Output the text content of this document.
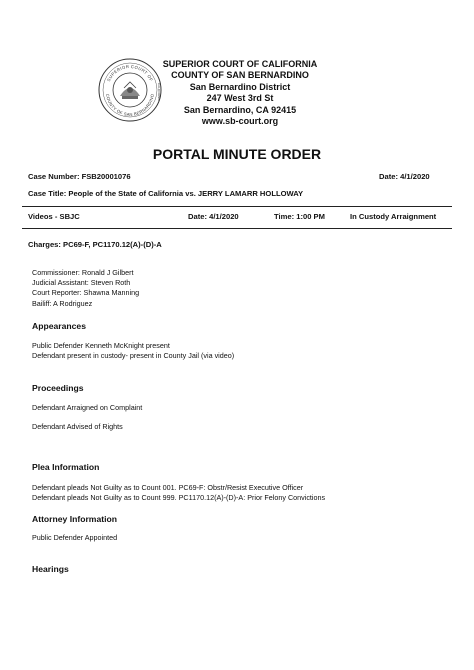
SUPERIOR COURT OF
COUNTY OF SAN BERNARDINO CALIFORNIA
SUPERIOR COURT OF CALIFORNIA
COUNTY OF SAN BERNARDINO
San Bernardino District
247 West 3rd St
San Bernardino, CA 92415
www.sb-court.org
PORTAL MINUTE ORDER
Case Number: FSB20001076	Date: 4/1/2020
Case Title: People of the State of California vs. JERRY LAMARR HOLLOWAY
Videos - SBJC	Date: 4/1/2020	Time: 1:00 PM	In Custody Arraignment
Charges: PC69-F, PC1170.12(A)-(D)-A
Commissioner: Ronald J Gilbert
Judicial Assistant: Steven Roth
Court Reporter: Shawna Manning
Bailiff: A Rodriguez
Appearances
Public Defender Kenneth McKnight present
Defendant present in custody- present in County Jail (via video)
Proceedings
Defendant Arraigned on Complaint
Defendant Advised of Rights
Plea Information
Defendant pleads Not Guilty as to Count 001. PC69-F: Obstr/Resist Executive Officer
Defendant pleads Not Guilty as to Count 999. PC1170.12(A)-(D)-A: Prior Felony Convictions
Attorney Information
Public Defender Appointed
Hearings
